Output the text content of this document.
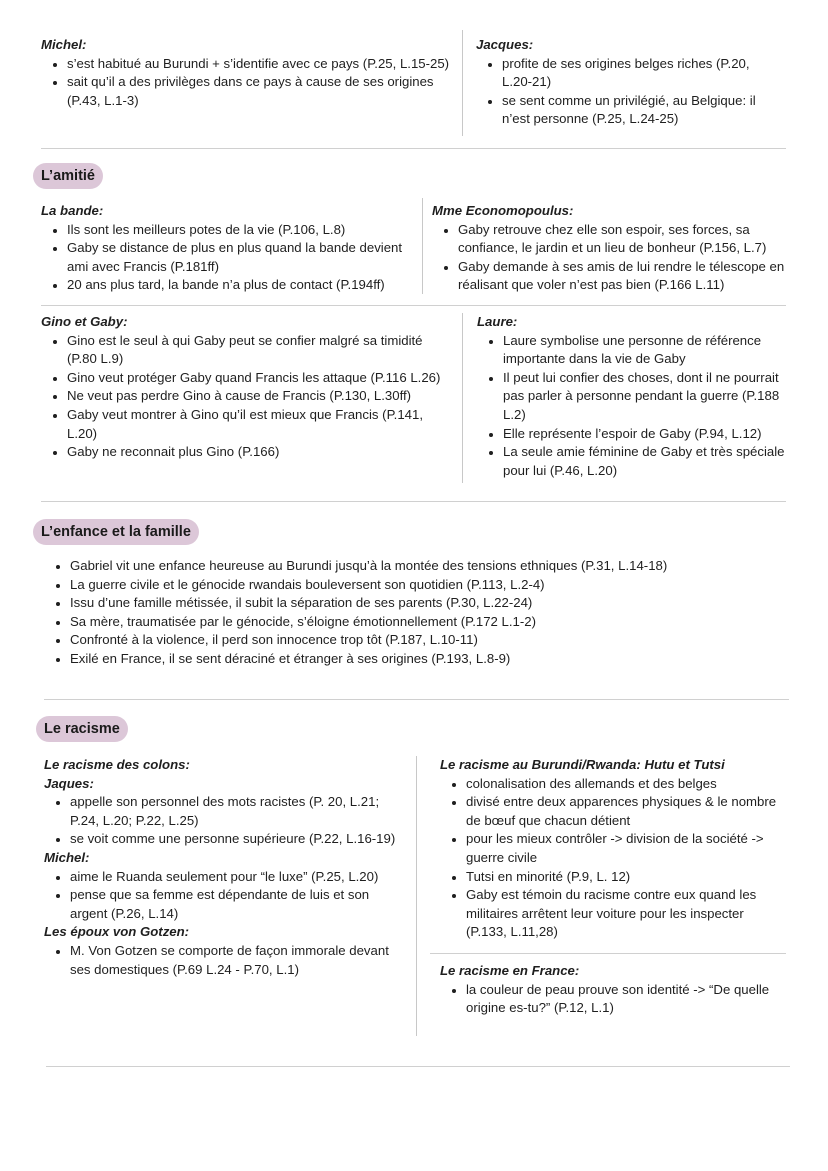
Michel:

• s’est habitué au Burundi + s’identifie avec ce pays (P.25, L.15-25)
• sait qu’il a des privilèges dans ce pays à cause de ses origines (P.43, L.1-3)

Jacques:

• profite de ses origines belges riches (P.20, L.20-21)
• se sent comme un privilégié, au Belgique: il n’est personne (P.25, L.24-25)
L’amitié

La bande:

• Ils sont les meilleurs potes de la vie (P.106, L.8)
• Gaby se distance de plus en plus quand la bande devient ami avec Francis (P.181ff)
• 20 ans plus tard, la bande n’a plus de contact (P.194ff)

Mme Economopoulus:

• Gaby retrouve chez elle son espoir, ses forces, sa confiance, le jardin et un lieu de bonheur (P.156, L.7)
• Gaby demande à ses amis de lui rendre le télescope en réalisant que voler n’est pas bien (P.166 L.11)

Gino et Gaby:

• Gino est le seul à qui Gaby peut se confier malgré sa timidité (P.80 L.9)
• Gino veut protéger Gaby quand Francis les attaque (P.116 L.26)
• Ne veut pas perdre Gino à cause de Francis (P.130, L.30ff)
• Gaby veut montrer à Gino qu’il est mieux que Francis (P.141, L.20)
• Gaby ne reconnait plus Gino (P.166)

Laure:

• Laure symbolise une personne de référence importante dans la vie de Gaby
• Il peut lui confier des choses, dont il ne pourrait pas parler à personne pendant la guerre (P.188 L.2)
• Elle représente l’espoir de Gaby (P.94, L.12)
• La seule amie féminine de Gaby et très spéciale pour lui (P.46, L.20)
L’enfance et la famille
• Gabriel vit une enfance heureuse au Burundi jusqu’à la montée des tensions ethniques (P.31, L.14-18)
• La guerre civile et le génocide rwandais bouleversent son quotidien (P.113, L.2-4)
• Issu d’une famille métissée, il subit la séparation de ses parents (P.30, L.22-24)
• Sa mère, traumatisée par le génocide, s’éloigne émotionnellement (P.172 L.1-2)
• Confronté à la violence, il perd son innocence trop tôt (P.187, L.10-11)
• Exilé en France, il se sent déraciné et étranger à ses origines (P.193, L.8-9)
Le racisme

Le racisme des colons:

Jaques:

• appelle son personnel des mots racistes (P. 20, L.21; P.24, L.20; P.22, L.25)
• se voit comme une personne supérieure (P.22, L.16-19)

Michel:

• aime le Ruanda seulement pour “le luxe” (P.25, L.20)
• pense que sa femme est dépendante de luis et son argent (P.26, L.14)

Les époux von Gotzen:

• M. Von Gotzen se comporte de façon immorale devant ses domestiques (P.69 L.24 - P.70, L.1)

Le racisme au Burundi/Rwanda: Hutu et Tutsi

• colonalisation des allemands et des belges
• divisé entre deux apparences physiques & le nombre de bœuf que chacun détient
• pour les mieux contrôler -> division de la société -> guerre civile
• Tutsi en minorité (P.9, L. 12)
• Gaby est témoin du racisme contre eux quand les militaires arrêtent leur voiture pour les inspecter (P.133, L.11,28)

Le racisme en France:

• la couleur de peau prouve son identité -> “De quelle origine es-tu?” (P.12, L.1)
